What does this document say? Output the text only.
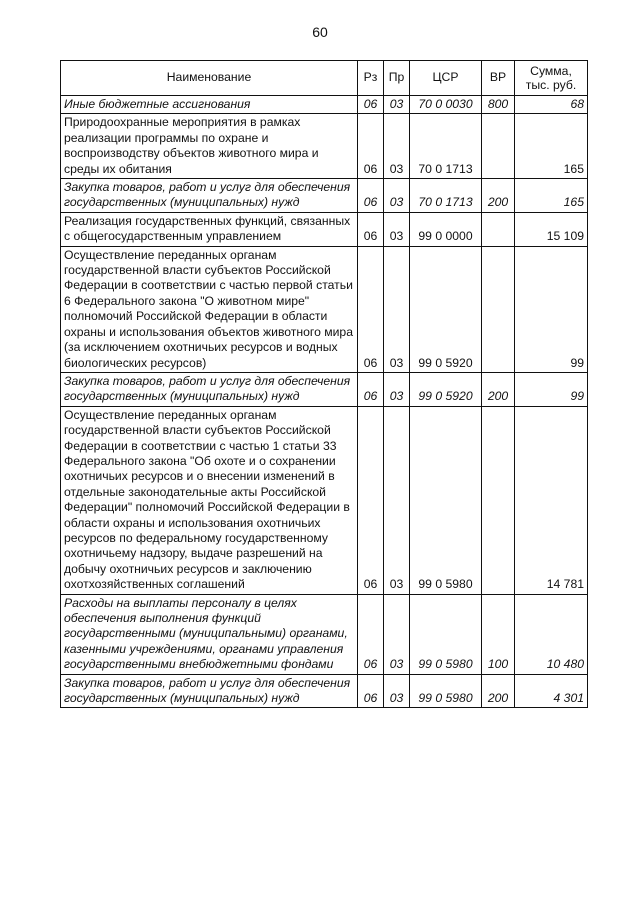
60
Наименование	Рз	Пр	ЦСР	ВР	Сумма,
тыс. руб.

Иные бюджетные ассигнования	06	03	70 0 0030	800	68
Природоохранные мероприятия в рамках реализации программы по охране и воспроизводству объектов животного мира и среды их обитания	06	03	70 0 1713		165
Закупка товаров, работ и услуг для обеспечения государственных (муниципальных) нужд	06	03	70 0 1713	200	165
Реализация государственных функций, связанных с общегосударственным управлением	06	03	99 0 0000		15 109
Осуществление переданных органам государственной власти субъектов Российской Федерации в соответствии с частью первой статьи 6 Федерального закона "О животном мире" полномочий Российской Федерации в области охраны и использования объектов животного мира (за исключением охотничьих ресурсов и водных биологических ресурсов)	06	03	99 0 5920		99
Закупка товаров, работ и услуг для обеспечения государственных (муниципальных) нужд	06	03	99 0 5920	200	99
Осуществление переданных органам государственной власти субъектов Российской Федерации в соответствии с частью 1 статьи 33 Федерального закона "Об охоте и о сохранении охотничьих ресурсов и о внесении изменений в отдельные законодательные акты Российской Федерации" полномочий Российской Федерации в области охраны и использования охотничьих ресурсов по федеральному государственному охотничьему надзору, выдаче разрешений на добычу охотничьих ресурсов и заключению охотхозяйственных соглашений	06	03	99 0 5980		14 781
Расходы на выплаты персоналу в целях обеспечения выполнения функций государственными (муниципальными) органами, казенными учреждениями, органами управления государственными внебюджетными фондами	06	03	99 0 5980	100	10 480
Закупка товаров, работ и услуг для обеспечения государственных (муниципальных) нужд	06	03	99 0 5980	200	4 301
